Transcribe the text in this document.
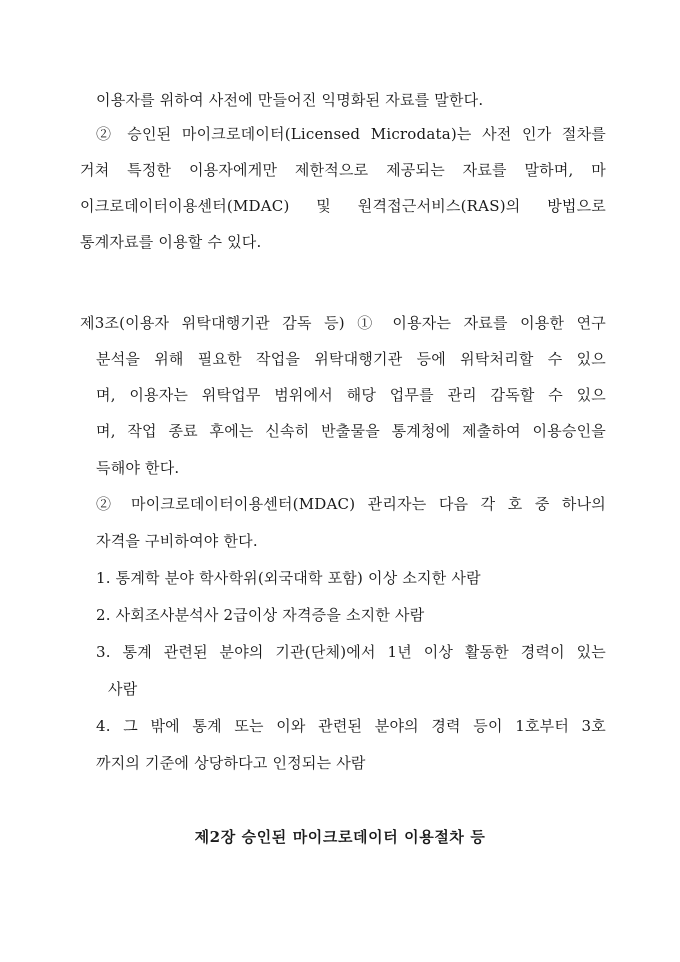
이용자를 위하여 사전에 만들어진 익명화된 자료를 말한다.
② 승인된 마이크로데이터(Licensed Microdata)는 사전 인가 절차를
거쳐 특정한 이용자에게만 제한적으로 제공되는 자료를 말하며, 마
이크로데이터이용센터(MDAC) 및 원격접근서비스(RAS)의 방법으로
통계자료를 이용할 수 있다.
제3조(이용자 위탁대행기관 감독 등) ① 이용자는 자료를 이용한 연구
분석을 위해 필요한 작업을 위탁대행기관 등에 위탁처리할 수 있으
며, 이용자는 위탁업무 범위에서 해당 업무를 관리 감독할 수 있으
며, 작업 종료 후에는 신속히 반출물을 통계청에 제출하여 이용승인을
득해야 한다.
② 마이크로데이터이용센터(MDAC) 관리자는 다음 각 호 중 하나의
자격을 구비하여야 한다.
1. 통계학 분야 학사학위(외국대학 포함) 이상 소지한 사람
2. 사회조사분석사 2급이상 자격증을 소지한 사람
3. 통계 관련된 분야의 기관(단체)에서 1년 이상 활동한 경력이 있는
사람
4. 그 밖에 통계 또는 이와 관련된 분야의 경력 등이 1호부터 3호
까지의 기준에 상당하다고 인정되는 사람
제2장 승인된 마이크로데이터 이용절차 등
